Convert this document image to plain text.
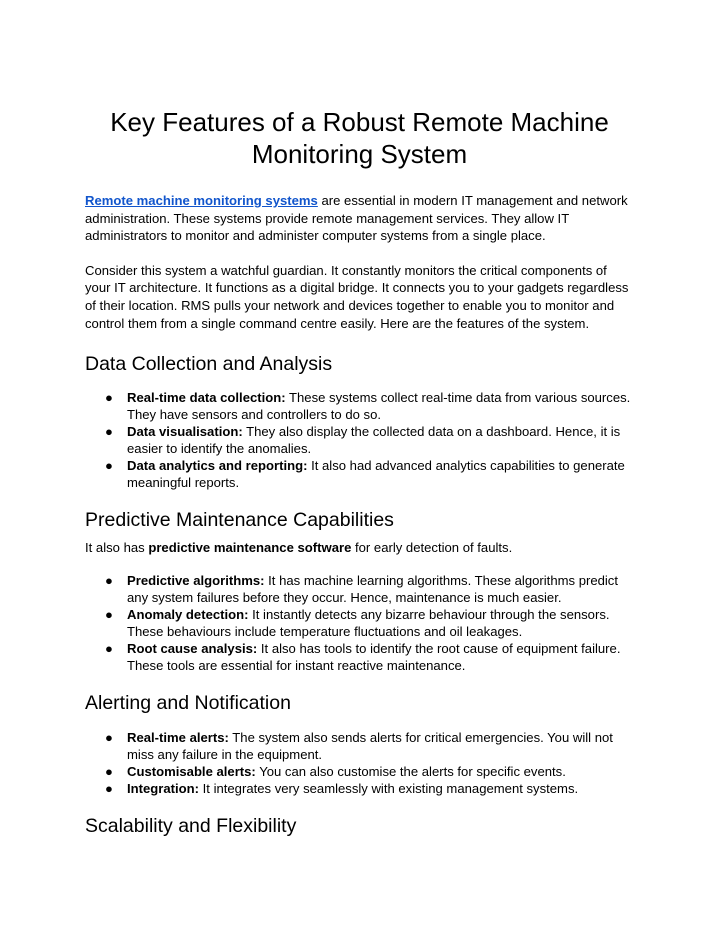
Key Features of a Robust Remote Machine Monitoring System

Remote machine monitoring systems are essential in modern IT management and network administration. These systems provide remote management services. They allow IT administrators to monitor and administer computer systems from a single place.

Consider this system a watchful guardian. It constantly monitors the critical components of your IT architecture. It functions as a digital bridge. It connects you to your gadgets regardless of their location. RMS pulls your network and devices together to enable you to monitor and control them from a single command centre easily. Here are the features of the system.

Data Collection and Analysis
● Real-time data collection: These systems collect real-time data from various sources. They have sensors and controllers to do so.
● Data visualisation: They also display the collected data on a dashboard. Hence, it is easier to identify the anomalies.
● Data analytics and reporting: It also had advanced analytics capabilities to generate meaningful reports.
Predictive Maintenance Capabilities

It also has predictive maintenance software for early detection of faults.

● Predictive algorithms: It has machine learning algorithms. These algorithms predict any system failures before they occur. Hence, maintenance is much easier.
● Anomaly detection: It instantly detects any bizarre behaviour through the sensors. These behaviours include temperature fluctuations and oil leakages.
● Root cause analysis: It also has tools to identify the root cause of equipment failure. These tools are essential for instant reactive maintenance.
Alerting and Notification
● Real-time alerts: The system also sends alerts for critical emergencies. You will not miss any failure in the equipment.
● Customisable alerts: You can also customise the alerts for specific events.
● Integration: It integrates very seamlessly with existing management systems.
Scalability and Flexibility
